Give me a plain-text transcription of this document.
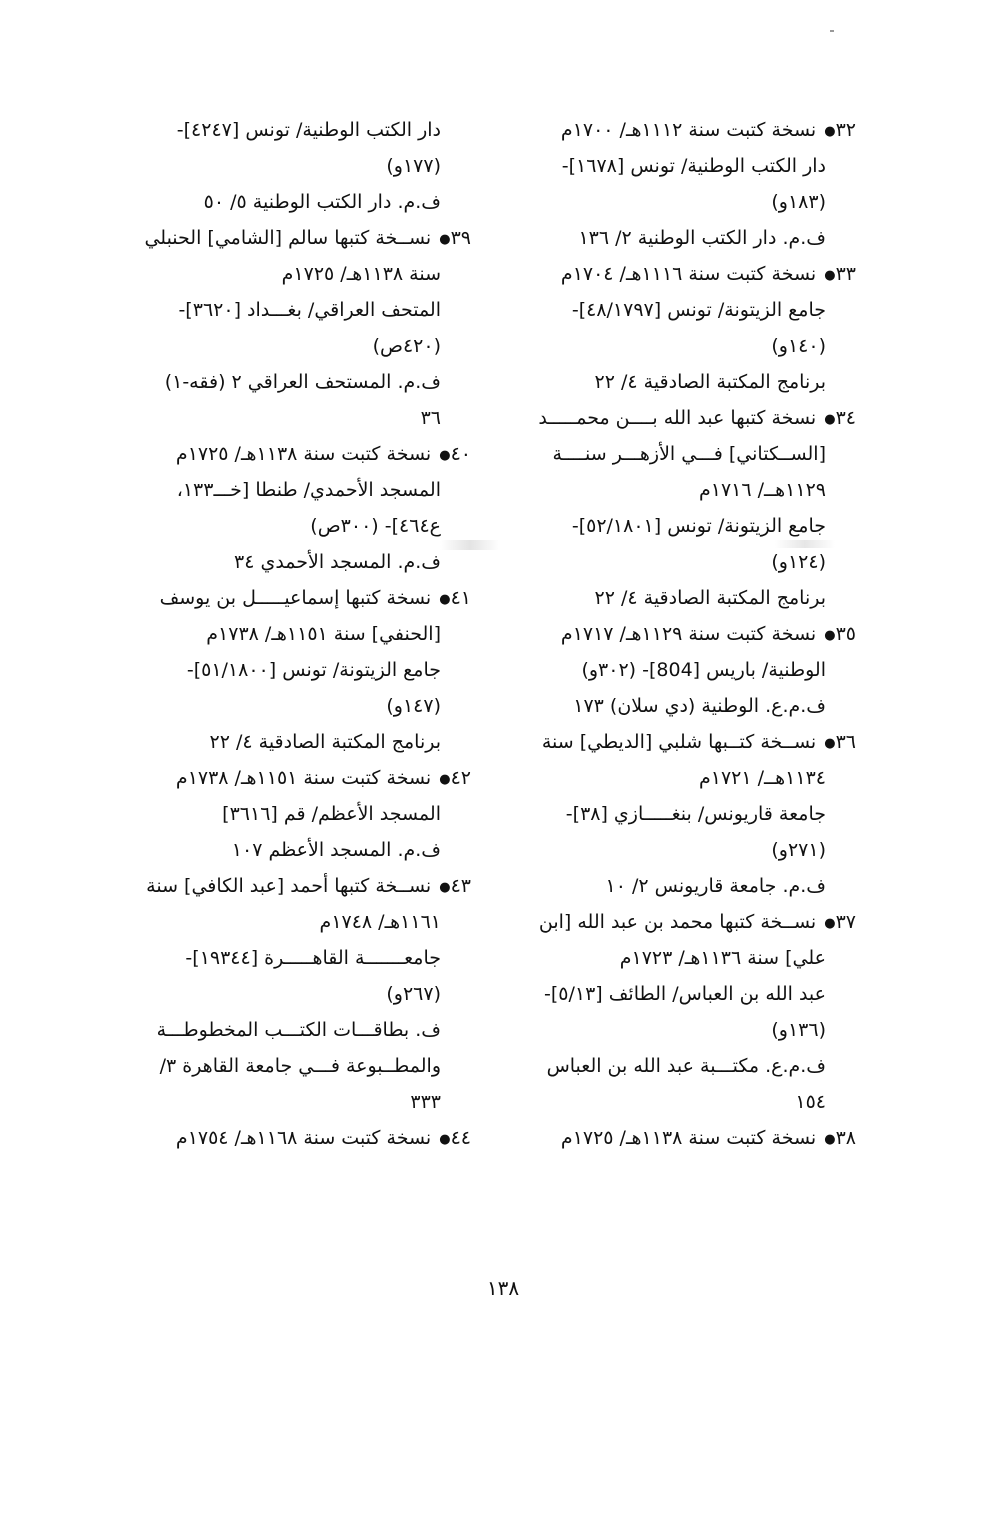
٣٢● نسخة كتبت سنة ١١١٢هـ/ ١٧٠٠م
دار الكتب الوطنية/ تونس [١٦٧٨]-
(١٨٣و)
ف.م. دار الكتب الوطنية ٢/ ١٣٦
٣٣● نسخة كتبت سنة ١١١٦هـ/ ١٧٠٤م
جامع الزيتونة/ تونس [٤٨/١٧٩٧]-
(١٤٠و)
برنامج المكتبة الصادقية ٤/ ٢٢
٣٤● نسخة كتبها عبد الله بــــن محمـــــد
[الســكتاني] فـــي الأزهـــر سنــــة
١١٢٩هــ/ ١٧١٦م
جامع الزيتونة/ تونس [٥٢/١٨٠١]-
(١٢٤و)
برنامج المكتبة الصادقية ٤/ ٢٢
٣٥● نسخة كتبت سنة ١١٢٩هـ/ ١٧١٧م
الوطنية/ باريس [804]- (٣٠٢و)
ف.م.ع. الوطنية (دي سلان) ١٧٣
٣٦● نســخة كتــبها شلبي [الديطي] سنة
١١٣٤هــ/ ١٧٢١م
جامعة قاريونس/ بنغـــــازي [٣٨]-
(٢٧١و)
ف.م. جامعة قاريونس ٢/ ١٠
٣٧● نســخة كتبها محمد بن عبد الله [ابن
علي] سنة ١١٣٦هـ/ ١٧٢٣م
عبد الله بن العباس/ الطائف [٥/١٣]-
(١٣٦و)
ف.م.ع. مكتـــبة عبد الله بن العباس
١٥٤
٣٨● نسخة كتبت سنة ١١٣٨هـ/ ١٧٢٥م
دار الكتب الوطنية/ تونس [٤٢٤٧]-
(١٧٧و)
ف.م. دار الكتب الوطنية ٥/ ٥٠
٣٩● نســخة كتبها سالم [الشامي] الحنبلي
سنة ١١٣٨هـ/ ١٧٢٥م
المتحف العراقي/ بغـــداد [٣٦٢٠]-
(٤٢٠ص)
ف.م. المستحف العراقي ٢ (فقه-١)
٣٦
٤٠● نسخة كتبت سنة ١١٣٨هـ/ ١٧٢٥م
المسجد الأحمدي/ طنطا [خـــ١٣٣،
ع٤٦٤]- (٣٠٠ص)
ف.م. المسجد الأحمدي ٣٤
٤١● نسخة كتبها إسماعيـــــل بن يوسف
[الحنفي] سنة ١١٥١هـ/ ١٧٣٨م
جامع الزيتونة/ تونس [٥١/١٨٠٠]-
(١٤٧و)
برنامج المكتبة الصادقية ٤/ ٢٢
٤٢● نسخة كتبت سنة ١١٥١هـ/ ١٧٣٨م
المسجد الأعظم/ قم [٣٦١٦]
ف.م. المسجد الأعظم ١٠٧
٤٣● نســخة كتبها أحمد [عبد الكافي] سنة
١١٦١هـ/ ١٧٤٨م
جامعـــــــة القاهـــــرة [١٩٣٤٤]-
(٢٦٧و)
ف. بطاقـــات الكتـــب المخطوطـــة
والمطــبوعة فـــي جامعة القاهرة ٣/
٣٣٣
٤٤● نسخة كتبت سنة ١١٦٨هـ/ ١٧٥٤م
١٣٨
